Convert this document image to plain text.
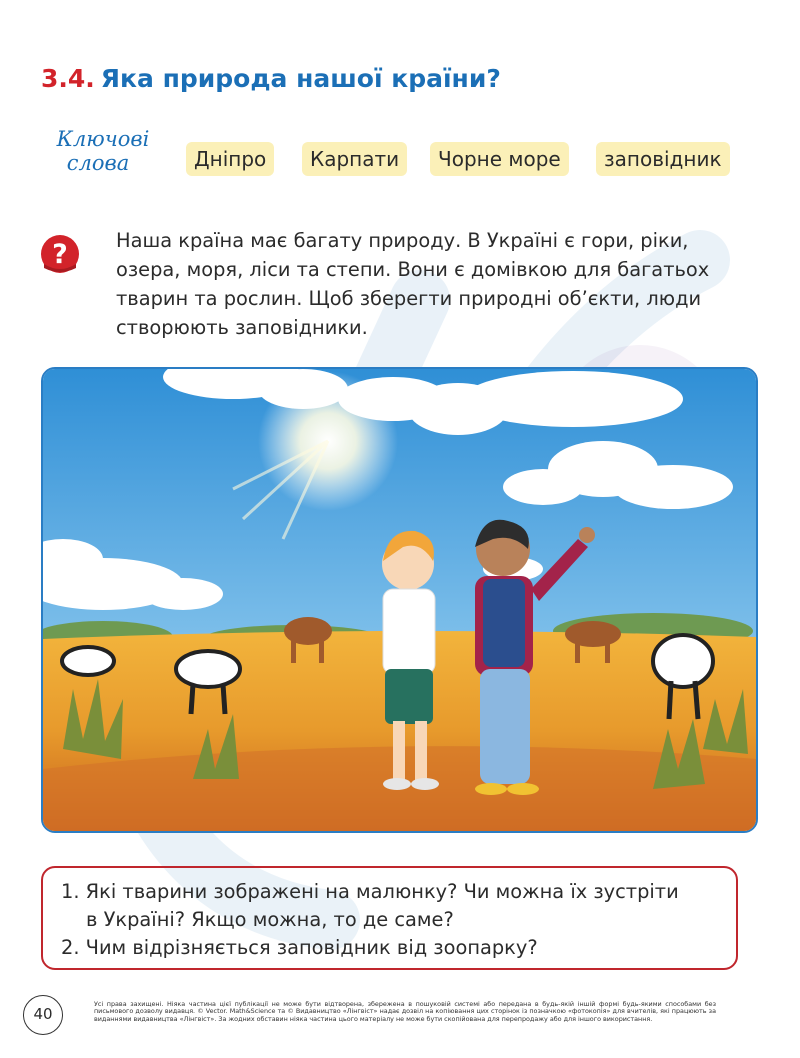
3.4. Яка природа нашої країни?
Ключові
слова	Дніпро	Карпати	Чорне море	заповідник
? Наша країна має багату природу. В Україні є гори, ріки, озера, моря, ліси та степи. Вони є домівкою для багатьох тварин та рослин. Щоб зберегти природні об’єкти, люди створюють заповідники.

1. Які тварини зображені на малюнку? Чи можна їх зустріти

в Україні? Якщо можна, то де саме?

2. Чим відрізняється заповідник від зоопарку?

40

Усі права захищені. Ніяка частина цієї публікації не може бути відтворена, збережена в пошуковій системі або передана в будь-якій іншій формі будь-якими способами без письмового дозволу видавця. © Vector. Math&Science та © Видавництво «Лінгвіст» надає дозвіл на копіювання цих сторінок із позначкою «фотокопія» для вчителів, які працюють за виданнями видавництва «Лінгвіст». За жодних обставин ніяка частина цього матеріалу не може бути скопійована для перепродажу або для іншого використання.
